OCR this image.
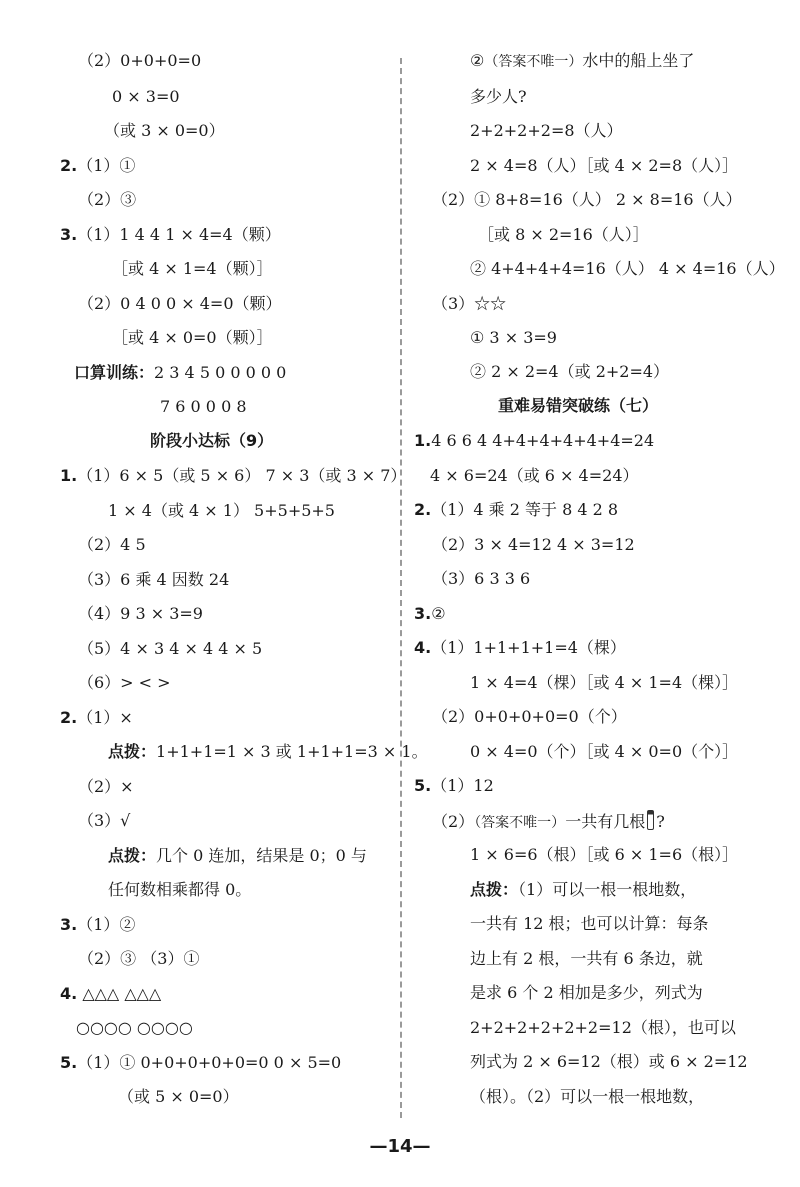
（2）0+0+0=0
0 × 3=0
（或 3 × 0=0）
2.（1）①
（2）③
3.（1）1 4 4 1 × 4=4（颗）
［或 4 × 1=4（颗）］
（2）0 4 0 0 × 4=0（颗）
［或 4 × 0=0（颗）］
口算训练：2 3 4 5 0 0 0 0 0
7 6 0 0 0 8
阶段小达标（9）
1.（1）6 × 5（或 5 × 6） 7 × 3（或 3 × 7）
1 × 4（或 4 × 1） 5+5+5+5
（2）4 5
（3）6 乘 4 因数 24
（4）9 3 × 3=9
（5）4 × 3 4 × 4 4 × 5
（6）> < >
2.（1）×
点拨：1+1+1=1 × 3 或 1+1+1=3 × 1。
（2）×
（3）√
点拨：几个 0 连加，结果是 0；0 与
任何数相乘都得 0。
3.（1）②
（2）③ （3）①
4. △△△ △△△
○○○○ ○○○○
5.（1）① 0+0+0+0+0=0 0 × 5=0
（或 5 × 0=0）
②（答案不唯一）水中的船上坐了
多少人?
2+2+2+2=8（人）
2 × 4=8（人）［或 4 × 2=8（人）］
（2）① 8+8=16（人） 2 × 8=16（人）
［或 8 × 2=16（人）］
② 4+4+4+4=16（人） 4 × 4=16（人）
（3）☆☆
① 3 × 3=9
② 2 × 2=4（或 2+2=4）
重难易错突破练（七）
1.4 6 6 4 4+4+4+4+4+4=24
4 × 6=24（或 6 × 4=24）
2.（1）4 乘 2 等于 8 4 2 8
（2）3 × 4=12 4 × 3=12
（3）6 3 3 6
3.②
4.（1）1+1+1+1=4（棵）
1 × 4=4（棵）［或 4 × 1=4（棵）］
（2）0+0+0+0=0（个）
0 × 4=0（个）［或 4 × 0=0（个）］
5.（1）12
（2）（答案不唯一）一共有几根 ?
1 × 6=6（根）［或 6 × 1=6（根）］
点拨：（1）可以一根一根地数，
一共有 12 根；也可以计算：每条
边上有 2 根，一共有 6 条边，就
是求 6 个 2 相加是多少，列式为
2+2+2+2+2+2=12（根），也可以
列式为 2 × 6=12（根）或 6 × 2=12
（根）。（2）可以一根一根地数，
—14—
